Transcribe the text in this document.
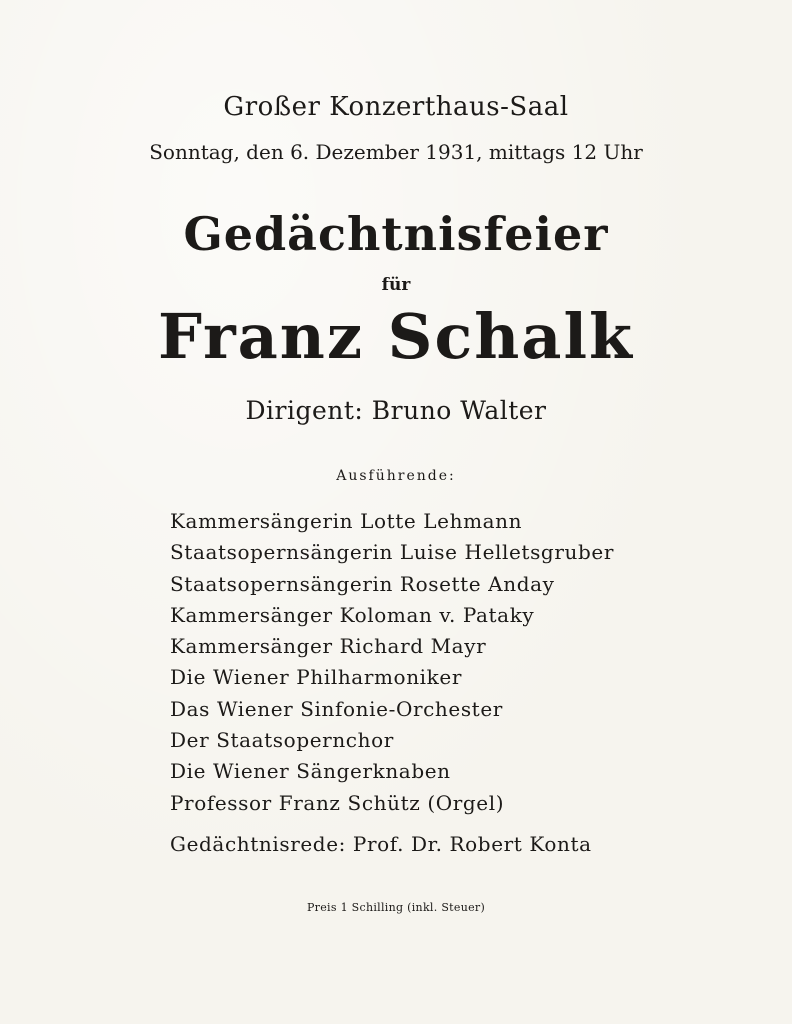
Großer Konzerthaus-Saal
Sonntag, den 6. Dezember 1931, mittags 12 Uhr
Gedächtnisfeier
für
Franz Schalk
Dirigent: Bruno Walter
Ausführende:
Kammersängerin Lotte Lehmann
Staatsopernsängerin Luise Helletsgruber
Staatsopernsängerin Rosette Anday
Kammersänger Koloman v. Pataky
Kammersänger Richard Mayr
Die Wiener Philharmoniker
Das Wiener Sinfonie-Orchester
Der Staatsopernchor
Die Wiener Sängerknaben
Professor Franz Schütz (Orgel)
Gedächtnisrede: Prof. Dr. Robert Konta
Preis 1 Schilling (inkl. Steuer)
